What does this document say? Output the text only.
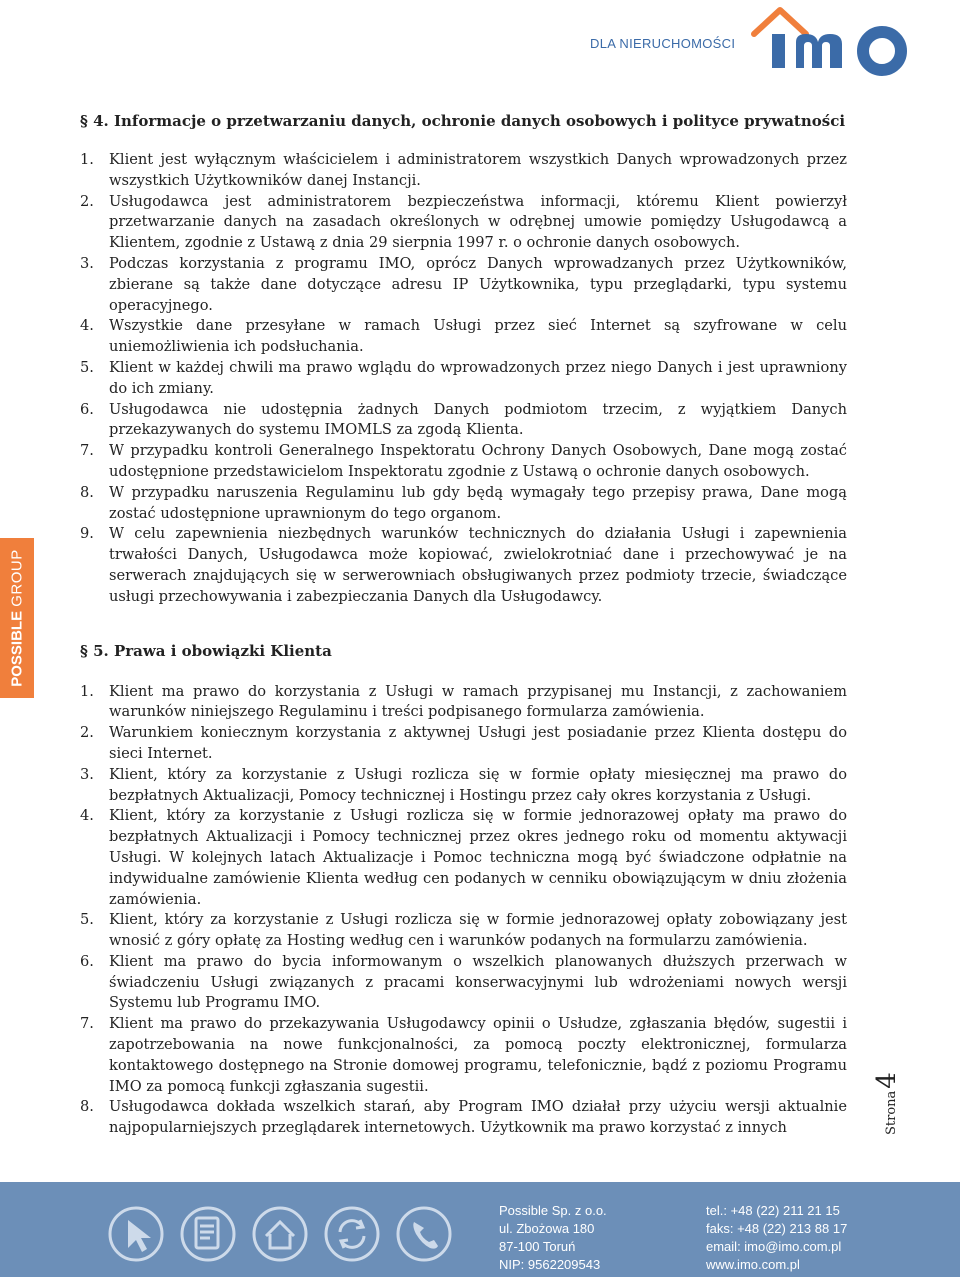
DLA NIERUCHOMOŚCI
POSSIBLE GROUP
§ 4. Informacje o przetwarzaniu danych, ochronie danych osobowych i polityce prywatności
1. Klient jest wyłącznym właścicielem i administratorem wszystkich Danych wprowadzonych przez wszystkich Użytkowników danej Instancji.
2. Usługodawca jest administratorem bezpieczeństwa informacji, któremu Klient powierzył przetwarzanie danych na zasadach określonych w odrębnej umowie pomiędzy Usługodawcą a Klientem, zgodnie z Ustawą z dnia 29 sierpnia 1997 r. o ochronie danych osobowych.
3. Podczas korzystania z programu IMO, oprócz Danych wprowadzanych przez Użytkowników, zbierane są także dane dotyczące adresu IP Użytkownika, typu przeglądarki, typu systemu operacyjnego.
4. Wszystkie dane przesyłane w ramach Usługi przez sieć Internet są szyfrowane w celu uniemożliwienia ich podsłuchania.
5. Klient w każdej chwili ma prawo wglądu do wprowadzonych przez niego Danych i jest uprawniony do ich zmiany.
6. Usługodawca nie udostępnia żadnych Danych podmiotom trzecim, z wyjątkiem Danych przekazywanych do systemu IMOMLS za zgodą Klienta.
7. W przypadku kontroli Generalnego Inspektoratu Ochrony Danych Osobowych, Dane mogą zostać udostępnione przedstawicielom Inspektoratu zgodnie z Ustawą o ochronie danych osobowych.
8. W przypadku naruszenia Regulaminu lub gdy będą wymagały tego przepisy prawa, Dane mogą zostać udostępnione uprawnionym do tego organom.
9. W celu zapewnienia niezbędnych warunków technicznych do działania Usługi i zapewnienia trwałości Danych, Usługodawca może kopiować, zwielokrotniać dane i przechowywać je na serwerach znajdujących się w serwerowniach obsługiwanych przez podmioty trzecie, świadczące usługi przechowywania i zabezpieczania Danych dla Usługodawcy.
§ 5. Prawa i obowiązki Klienta
1. Klient ma prawo do korzystania z Usługi w ramach przypisanej mu Instancji, z zachowaniem warunków niniejszego Regulaminu i treści podpisanego formularza zamówienia.
2. Warunkiem koniecznym korzystania z aktywnej Usługi jest posiadanie przez Klienta dostępu do sieci Internet.
3. Klient, który za korzystanie z Usługi rozlicza się w formie opłaty miesięcznej ma prawo do bezpłatnych Aktualizacji, Pomocy technicznej i Hostingu przez cały okres korzystania z Usługi.
4. Klient, który za korzystanie z Usługi rozlicza się w formie jednorazowej opłaty ma prawo do bezpłatnych Aktualizacji i Pomocy technicznej przez okres jednego roku od momentu aktywacji Usługi. W kolejnych latach Aktualizacje i Pomoc techniczna mogą być świadczone odpłatnie na indywidualne zamówienie Klienta według cen podanych w cenniku obowiązującym w dniu złożenia zamówienia.
5. Klient, który za korzystanie z Usługi rozlicza się w formie jednorazowej opłaty zobowiązany jest wnosić z góry opłatę za Hosting według cen i warunków podanych na formularzu zamówienia.
6. Klient ma prawo do bycia informowanym o wszelkich planowanych dłuższych przerwach w świadczeniu Usługi związanych z pracami konserwacyjnymi lub wdrożeniami nowych wersji Systemu lub Programu IMO.
7. Klient ma prawo do przekazywania Usługodawcy opinii o Usłudze, zgłaszania błędów, sugestii i zapotrzebowania na nowe funkcjonalności, za pomocą poczty elektronicznej, formularza kontaktowego dostępnego na Stronie domowej programu, telefonicznie, bądź z poziomu Programu IMO za pomocą funkcji zgłaszania sugestii.
8. Usługodawca dokłada wszelkich starań, aby Program IMO działał przy użyciu wersji aktualnie najpopularniejszych przeglądarek internetowych. Użytkownik ma prawo korzystać z innych	Strona
4
Possible Sp. z o.o.
ul. Zbożowa 180
87-100 Toruń
NIP: 9562209543
tel.: +48 (22) 211 21 15
faks: +48 (22) 213 88 17
email: imo@imo.com.pl
www.imo.com.pl
